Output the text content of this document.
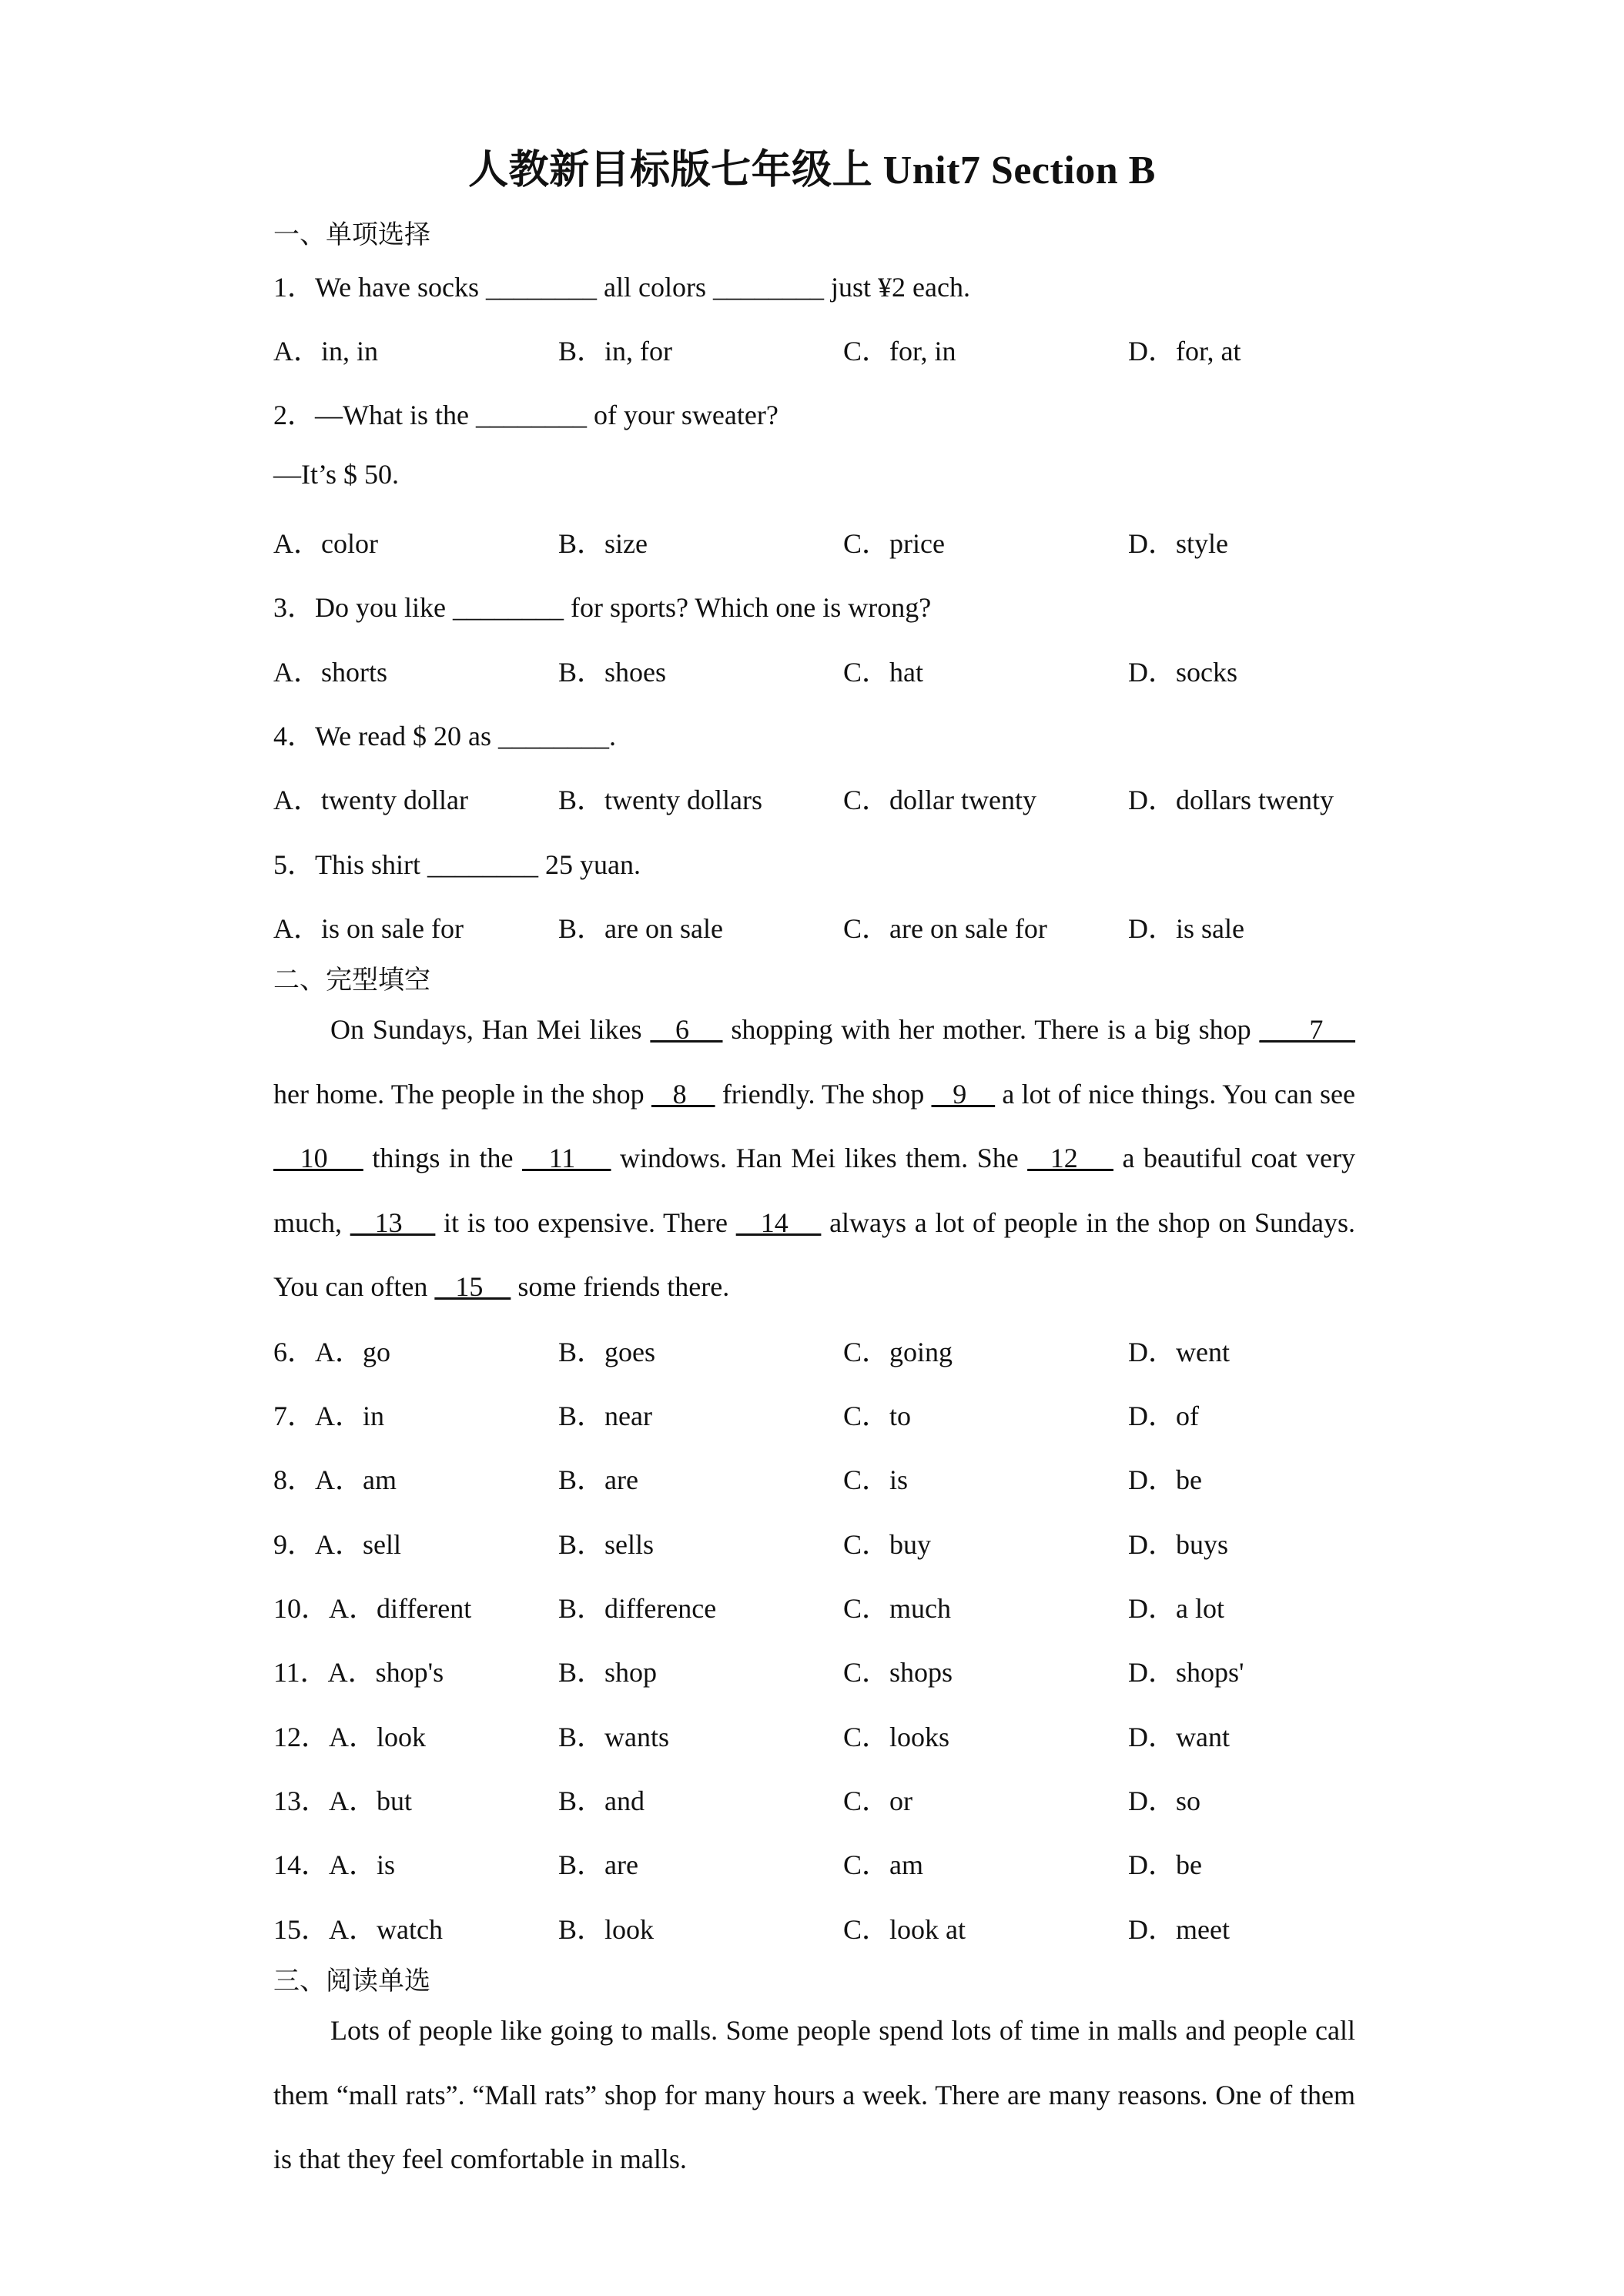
人教新目标版七年级上 Unit7 Section B
一、单项选择
1．We have socks ________ all colors ________ just ¥2 each.
A．in, in	B．in, for	C．for, in	D．for, at
2．—What is the ________ of your sweater?
—It’s $ 50.
A．color	B．size	C．price	D．style
3．Do you like ________ for sports? Which one is wrong?
A．shorts	B．shoes	C．hat	D．socks
4．We read $ 20 as ________.
A．twenty dollar	B．twenty dollars	C．dollar twenty	D．dollars twenty
5．This shirt ________ 25 yuan.
A．is on sale for	B．are on sale	C．are on sale for	D．is sale
二、完型填空

On Sundays, Han Mei likes    6     shopping with her mother. There is a big shop ___ 7     her home. The people in the shop    8     friendly. The shop    9     a lot of nice things. You can see    10     things in the    11     windows. Han Mei likes them. She _ 12     a beautiful coat very much,    13     it is too expensive. There    14     always a lot of people in the shop on Sundays. You can often    15     some friends there.

6．A．go	B．goes	C．going	D．went
7．A．in	B．near	C．to	D．of
8．A．am	B．are	C．is	D．be
9．A．sell	B．sells	C．buy	D．buys
10．A．different	B．difference	C．much	D．a lot
11．A．shop's	B．shop	C．shops	D．shops'
12．A．look	B．wants	C．looks	D．want
13．A．but	B．and	C．or	D．so
14．A．is	B．are	C．am	D．be
15．A．watch	B．look	C．look at	D．meet
三、阅读单选

Lots of people like going to malls. Some people spend lots of time in malls and people call them “mall rats”. “Mall rats” shop for many hours a week. There are many reasons. One of them is that they feel comfortable in malls.
